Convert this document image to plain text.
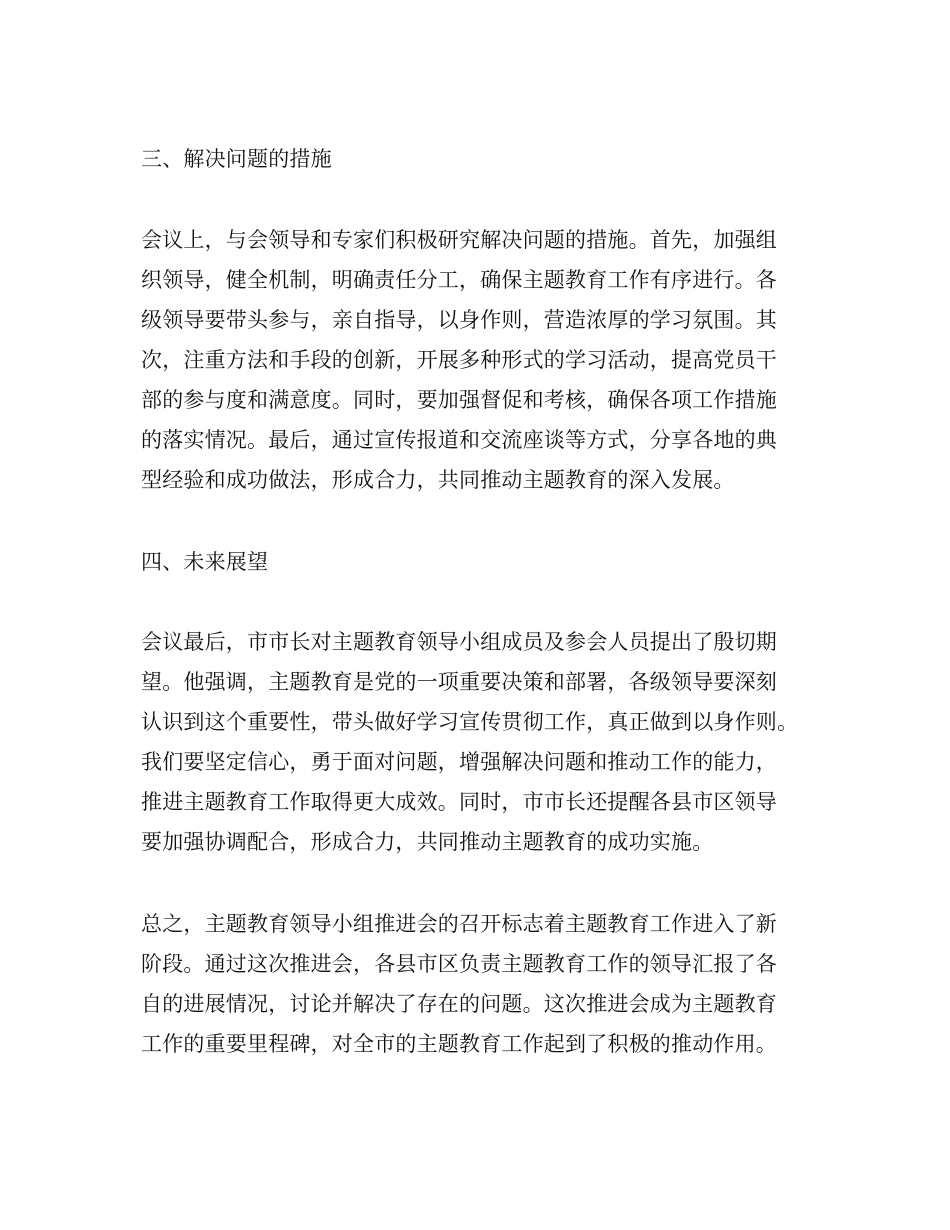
三、解决问题的措施
会议上，与会领导和专家们积极研究解决问题的措施。首先，加强组
织领导，健全机制，明确责任分工，确保主题教育工作有序进行。各
级领导要带头参与，亲自指导，以身作则，营造浓厚的学习氛围。其
次，注重方法和手段的创新，开展多种形式的学习活动，提高党员干
部的参与度和满意度。同时，要加强督促和考核，确保各项工作措施
的落实情况。最后，通过宣传报道和交流座谈等方式，分享各地的典
型经验和成功做法，形成合力，共同推动主题教育的深入发展。
四、未来展望
会议最后，市市长对主题教育领导小组成员及参会人员提出了殷切期
望。他强调，主题教育是党的一项重要决策和部署，各级领导要深刻
认识到这个重要性，带头做好学习宣传贯彻工作，真正做到以身作则。
我们要坚定信心，勇于面对问题，增强解决问题和推动工作的能力，
推进主题教育工作取得更大成效。同时，市市长还提醒各县市区领导
要加强协调配合，形成合力，共同推动主题教育的成功实施。
总之，主题教育领导小组推进会的召开标志着主题教育工作进入了新
阶段。通过这次推进会，各县市区负责主题教育工作的领导汇报了各
自的进展情况，讨论并解决了存在的问题。这次推进会成为主题教育
工作的重要里程碑，对全市的主题教育工作起到了积极的推动作用。
